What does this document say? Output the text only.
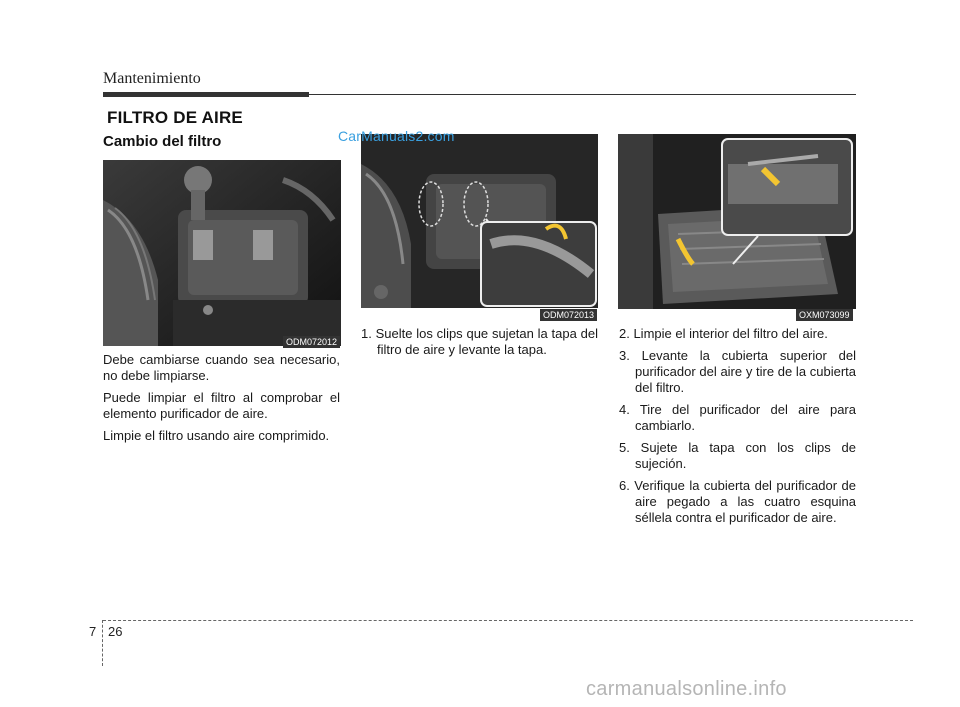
Mantenimiento
FILTRO DE AIRE
Cambio del filtro
ODM072012
ODM072013
CarManuals2.com
OXM073099

Debe cambiarse cuando sea necesario, no debe limpiarse.

Puede limpiar el filtro al comprobar el elemento purificador de aire.

Limpie el filtro usando aire comprimido.

1. Suelte los clips que sujetan la tapa del filtro de aire y levante la tapa.
2. Limpie el interior del filtro del aire.
3. Levante la cubierta superior del purificador del aire y tire de la cubierta del filtro.
4. Tire del purificador del aire para cambiarlo.
5. Sujete la tapa con los clips de sujeción.
6. Verifique la cubierta del purificador de aire pegado a las cuatro esquina séllela contra el purificador de aire.
7 26
carmanualsonline.info
